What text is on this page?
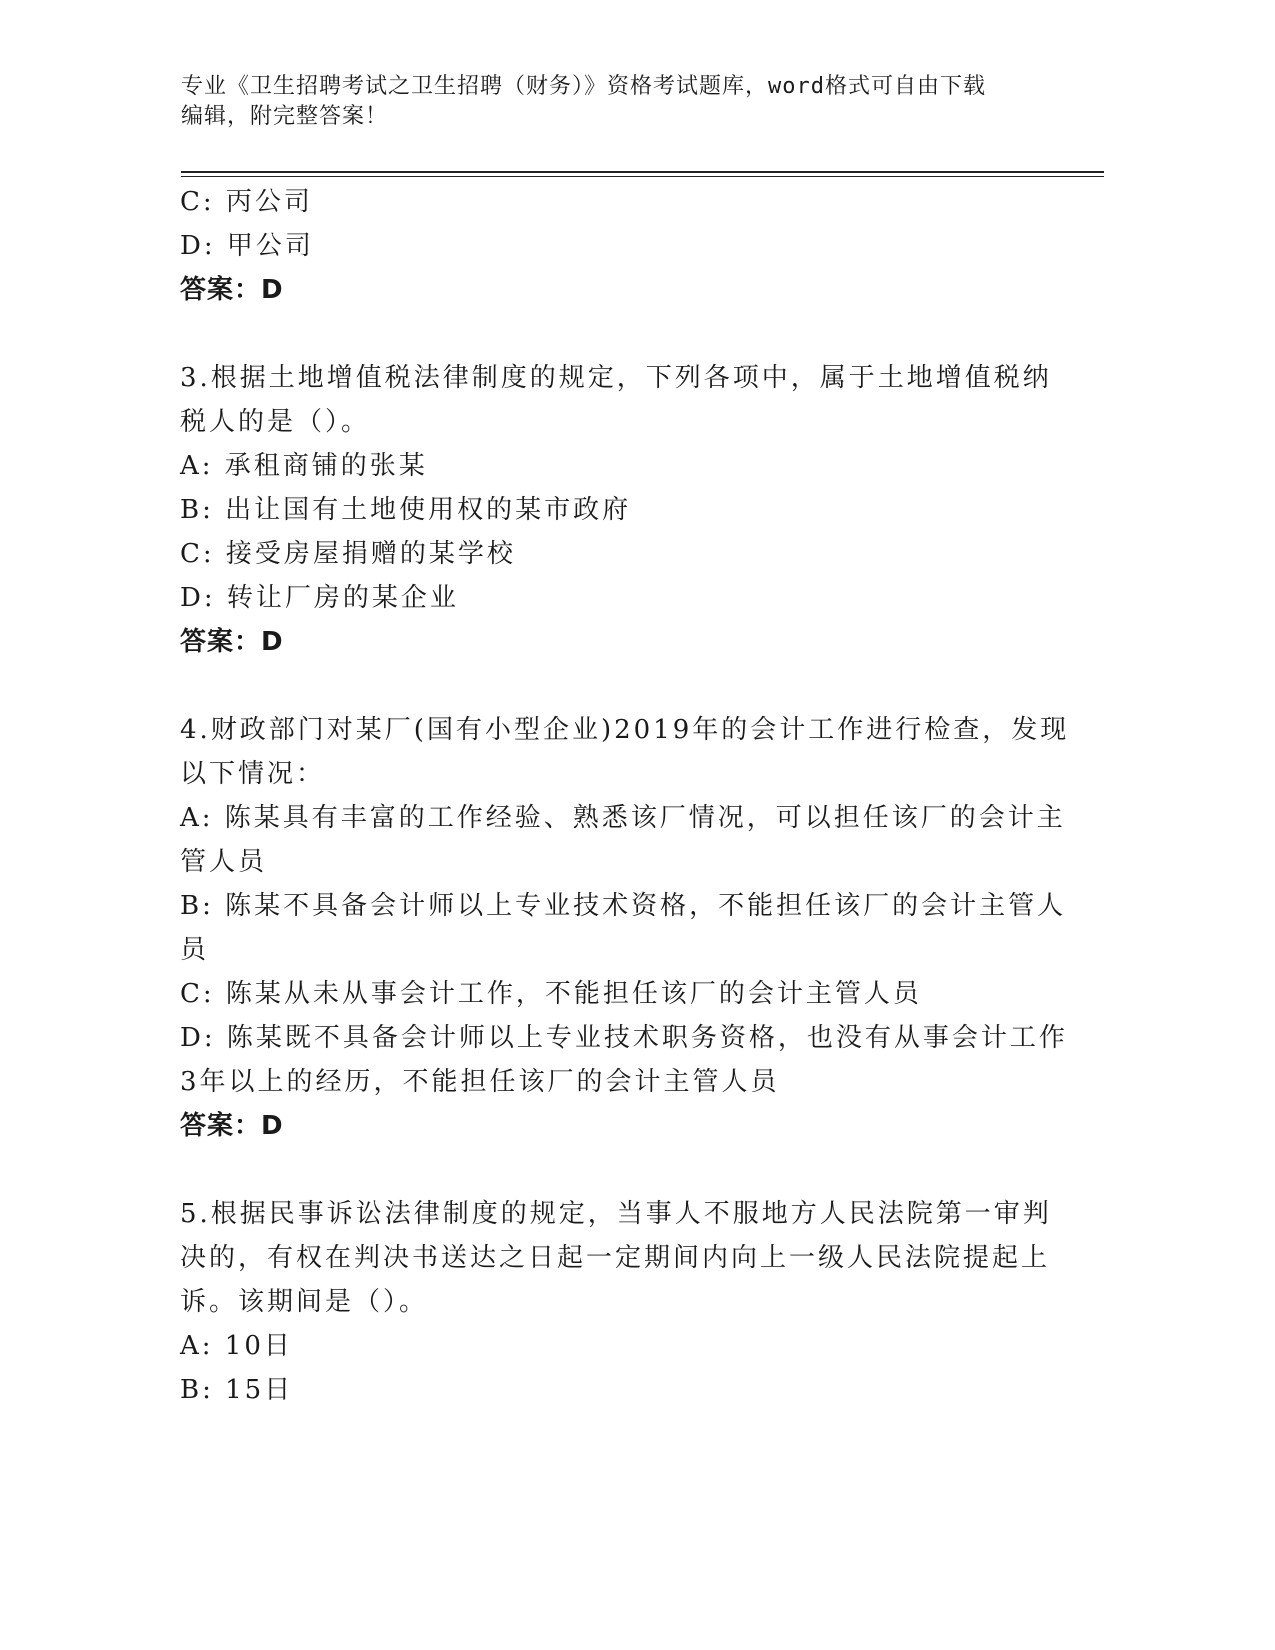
专业《卫生招聘考试之卫生招聘（财务）》资格考试题库，word格式可自由下载
编辑，附完整答案！
C: 丙公司
D: 甲公司
答案：D
3.根据土地增值税法律制度的规定，下列各项中，属于土地增值税纳
税人的是（）。
A: 承租商铺的张某
B: 出让国有土地使用权的某市政府
C: 接受房屋捐赠的某学校
D: 转让厂房的某企业
答案：D
4.财政部门对某厂(国有小型企业)2019年的会计工作进行检查，发现
以下情况：
A: 陈某具有丰富的工作经验、熟悉该厂情况，可以担任该厂的会计主
管人员
B: 陈某不具备会计师以上专业技术资格，不能担任该厂的会计主管人
员
C: 陈某从未从事会计工作，不能担任该厂的会计主管人员
D: 陈某既不具备会计师以上专业技术职务资格，也没有从事会计工作
3年以上的经历，不能担任该厂的会计主管人员
答案：D
5.根据民事诉讼法律制度的规定，当事人不服地方人民法院第一审判
决的，有权在判决书送达之日起一定期间内向上一级人民法院提起上
诉。该期间是（）。
A: 10日
B: 15日
